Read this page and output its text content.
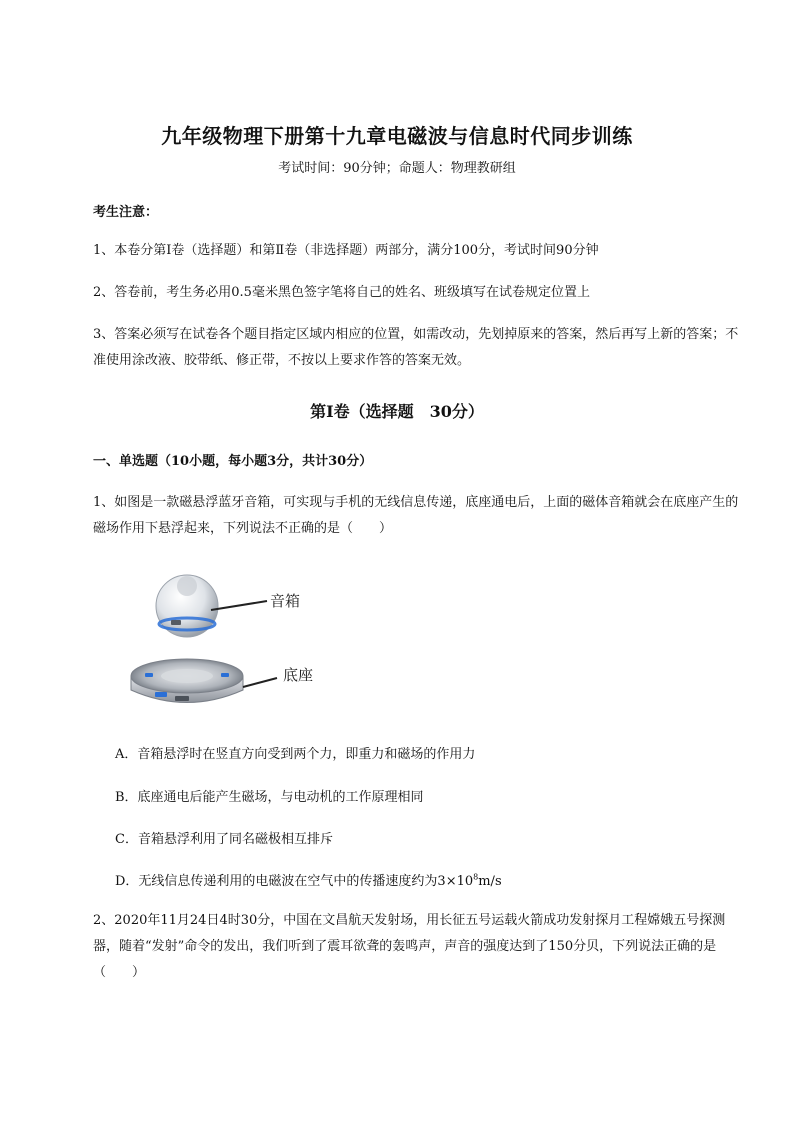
九年级物理下册第十九章电磁波与信息时代同步训练
考试时间：90分钟；命题人：物理教研组
考生注意：
1、本卷分第Ⅰ卷（选择题）和第Ⅱ卷（非选择题）两部分，满分100分，考试时间90分钟
2、答卷前，考生务必用0.5毫米黑色签字笔将自己的姓名、班级填写在试卷规定位置上
3、答案必须写在试卷各个题目指定区域内相应的位置，如需改动，先划掉原来的答案，然后再写上新的答案；不准使用涂改液、胶带纸、修正带，不按以上要求作答的答案无效。
第Ⅰ卷（选择题　30分）
一、单选题（10小题，每小题3分，共计30分）
1、如图是一款磁悬浮蓝牙音箱，可实现与手机的无线信息传递，底座通电后，上面的磁体音箱就会在底座产生的磁场作用下悬浮起来，下列说法不正确的是（　　）
音箱
底座
A．音箱悬浮时在竖直方向受到两个力，即重力和磁场的作用力
B．底座通电后能产生磁场，与电动机的工作原理相同
C．音箱悬浮利用了同名磁极相互排斥
D．无线信息传递利用的电磁波在空气中的传播速度约为$3\times 10^8m/s$
2、2020年11月24日4时30分，中国在文昌航天发射场，用长征五号运载火箭成功发射探月工程嫦娥五号探测器，随着“发射”命令的发出，我们听到了震耳欲聋的轰鸣声，声音的强度达到了150分贝，下列说法正确的是（　　）
